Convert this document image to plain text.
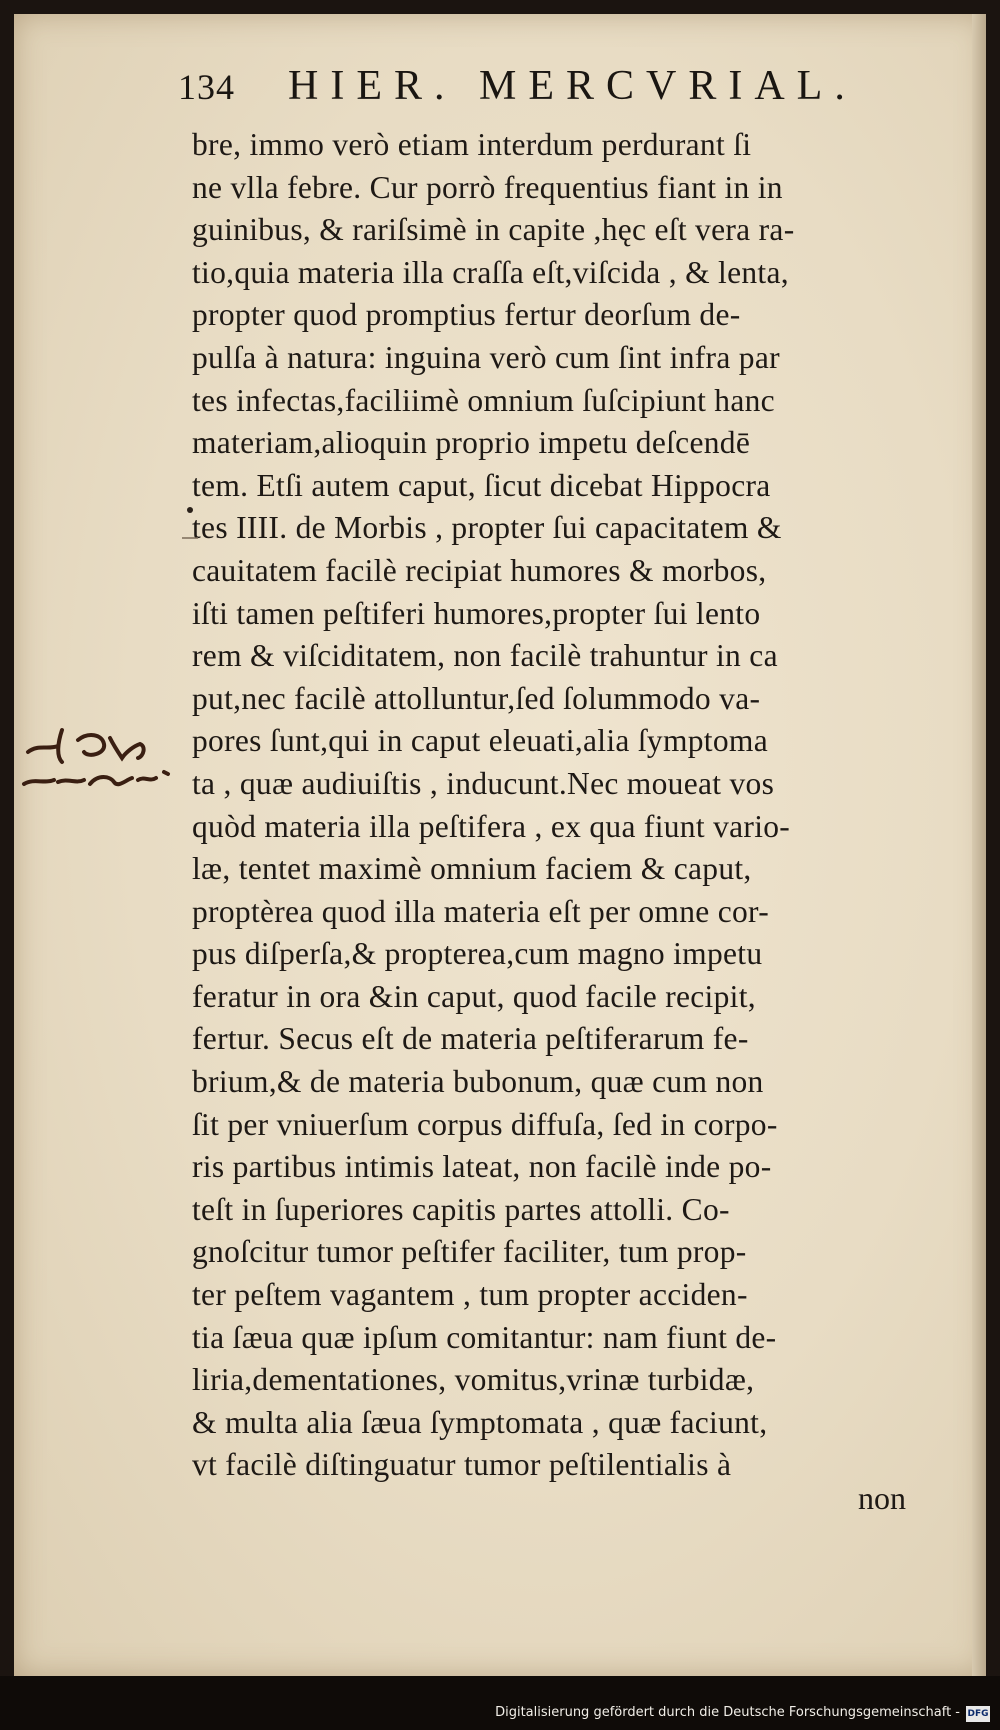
134 HIER. MERCVRIAL.
bre, immo verò etiam interdum perdurant ſi
ne vlla febre. Cur porrò frequentius fiant in in
guinibus, & rariſsimè in capite ,hęc eſt vera ra-
tio,quia materia illa craſſa eſt,viſcida , & lenta,
propter quod promptius fertur deorſum de-
pulſa à natura: inguina verò cum ſint infra par
tes infectas,faciliimè omnium ſuſcipiunt hanc
materiam,alioquin proprio impetu deſcendē
tem. Etſi autem caput, ſicut dicebat Hippocra
tes IIII. de Morbis , propter ſui capacitatem &
cauitatem facilè recipiat humores & morbos,
iſti tamen peſtiferi humores,propter ſui lento
rem & viſciditatem, non facilè trahuntur in ca
put,nec facilè attolluntur,ſed ſolummodo va-
pores ſunt,qui in caput eleuati,alia ſymptoma
ta , quæ audiuiſtis , inducunt.Nec moueat vos
quòd materia illa peſtifera , ex qua fiunt vario-
læ, tentet maximè omnium faciem & caput,
proptèrea quod illa materia eſt per omne cor-
pus diſperſa,& propterea,cum magno impetu
feratur in ora &in caput, quod facile recipit,
fertur. Secus eſt de materia peſtiferarum fe-
brium,& de materia bubonum, quæ cum non
ſit per vniuerſum corpus diffuſa, ſed in corpo-
ris partibus intimis lateat, non facilè inde po-
teſt in ſuperiores capitis partes attolli. Co-
gnoſcitur tumor peſtifer faciliter, tum prop-
ter peſtem vagantem , tum propter acciden-
tia ſæua quæ ipſum comitantur: nam fiunt de-
liria,dementationes, vomitus,vrinæ turbidæ,
& multa alia ſæua ſymptomata , quæ faciunt,
vt facilè diſtinguatur tumor peſtilentialis à
non
Digitalisierung gefördert durch die Deutsche Forschungsgemeinschaft - DFG
